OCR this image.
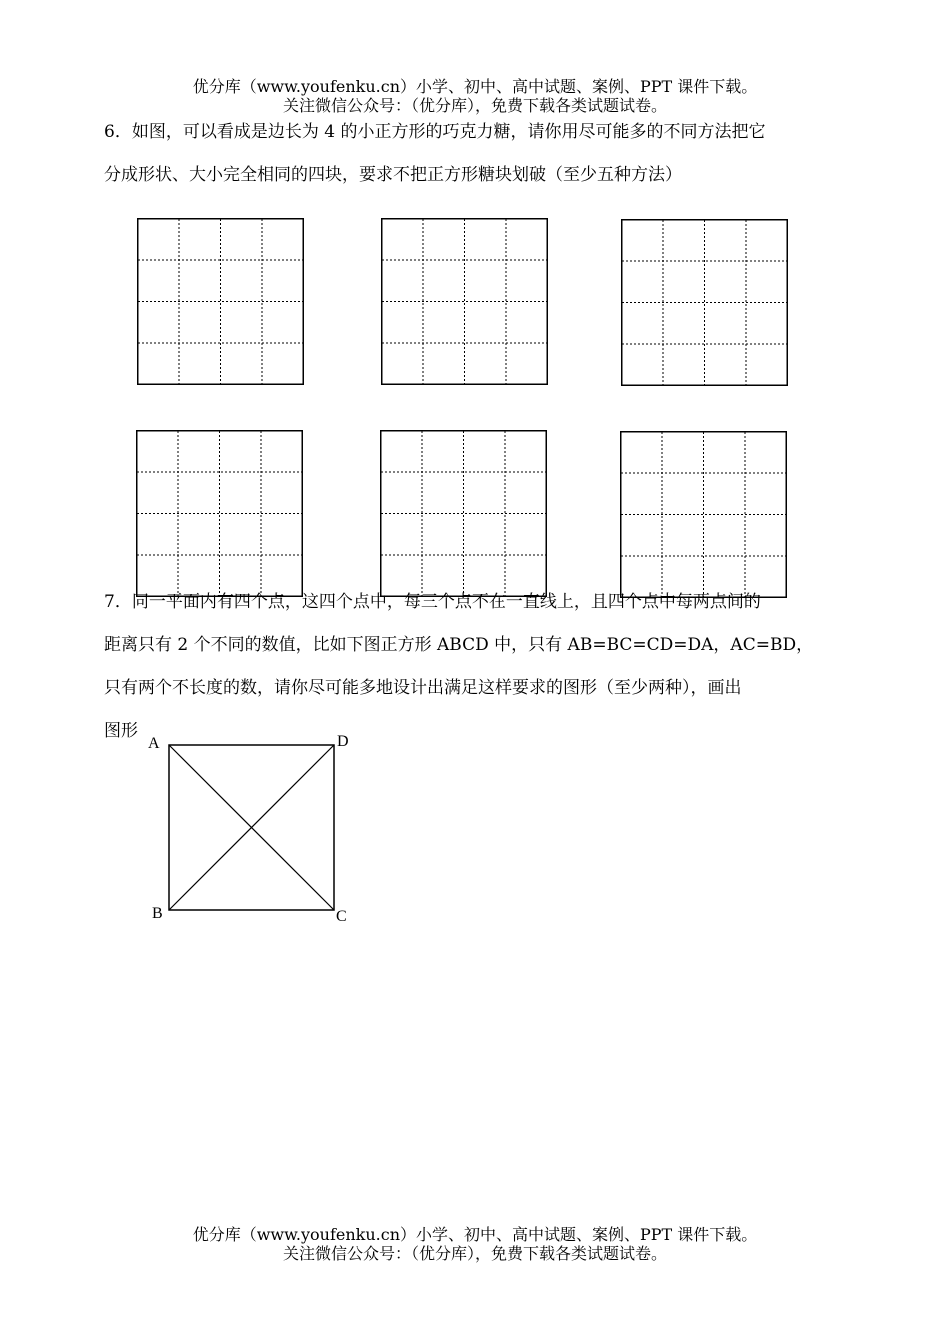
优分库（www.youfenku.cn）小学、初中、高中试题、案例、PPT 课件下载。
关注微信公众号：（优分库），免费下载各类试题试卷。
6．如图，可以看成是边长为 4 的小正方形的巧克力糖，请你用尽可能多的不同方法把它
分成形状、大小完全相同的四块，要求不把正方形糖块划破（至少五种方法）
7．同一平面内有四个点，这四个点中，每三个点不在一直线上，且四个点中每两点间的
距离只有 2 个不同的数值，比如下图正方形 ABCD 中，只有 AB=BC=CD=DA，AC=BD，
只有两个不长度的数，请你尽可能多地设计出满足这样要求的图形（至少两种），画出
图形
A	D
B	C
优分库（www.youfenku.cn）小学、初中、高中试题、案例、PPT 课件下载。
关注微信公众号：（优分库），免费下载各类试题试卷。
